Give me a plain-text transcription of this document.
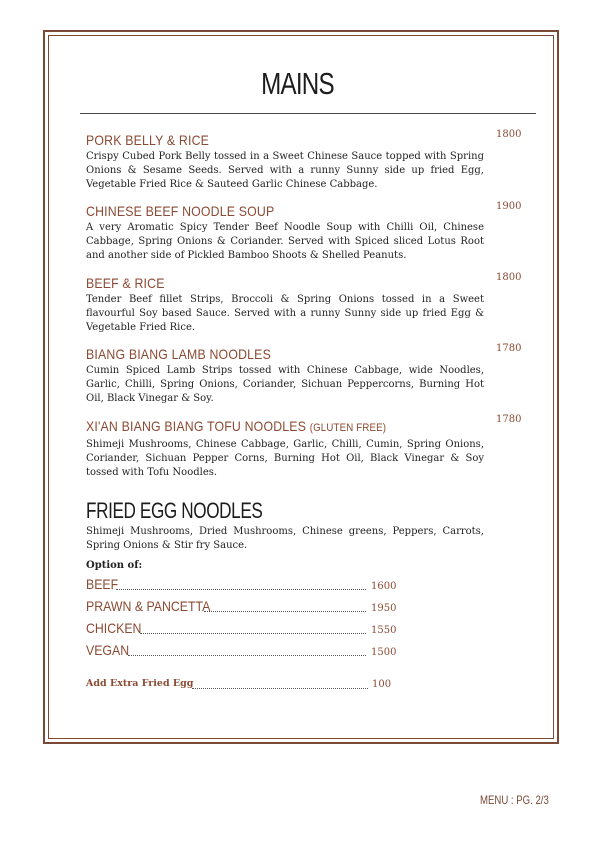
MAINS
PORK BELLY & RICE
Crispy Cubed Pork Belly tossed in a Sweet Chinese Sauce topped with Spring Onions & Sesame Seeds. Served with a runny Sunny side up fried Egg, Vegetable Fried Rice & Sauteed Garlic Chinese Cabbage.
1800
CHINESE BEEF NOODLE SOUP
A very Aromatic Spicy Tender Beef Noodle Soup with Chilli Oil, Chinese Cabbage, Spring Onions & Coriander. Served with Spiced sliced Lotus Root and another side of Pickled Bamboo Shoots & Shelled Peanuts.
1900
BEEF & RICE
Tender Beef fillet Strips, Broccoli & Spring Onions tossed in a Sweet flavourful Soy based Sauce. Served with a runny Sunny side up fried Egg & Vegetable Fried Rice.
1800
BIANG BIANG LAMB NOODLES
Cumin Spiced Lamb Strips tossed with Chinese Cabbage, wide Noodles, Garlic, Chilli, Spring Onions, Coriander, Sichuan Peppercorns, Burning Hot Oil, Black Vinegar & Soy.
1780
XI'AN BIANG BIANG TOFU NOODLES (GLUTEN FREE)
Shimeji Mushrooms, Chinese Cabbage, Garlic, Chilli, Cumin, Spring Onions, Coriander, Sichuan Pepper Corns, Burning Hot Oil, Black Vinegar & Soy tossed with Tofu Noodles.
1780
FRIED EGG NOODLES
Shimeji Mushrooms, Dried Mushrooms, Chinese greens, Peppers, Carrots, Spring Onions & Stir fry Sauce.
Option of:
BEEF	1600
PRAWN & PANCETTA	1950
CHICKEN	1550
VEGAN	1500
Add Extra Fried Egg	100
MENU : PG. 2/3
